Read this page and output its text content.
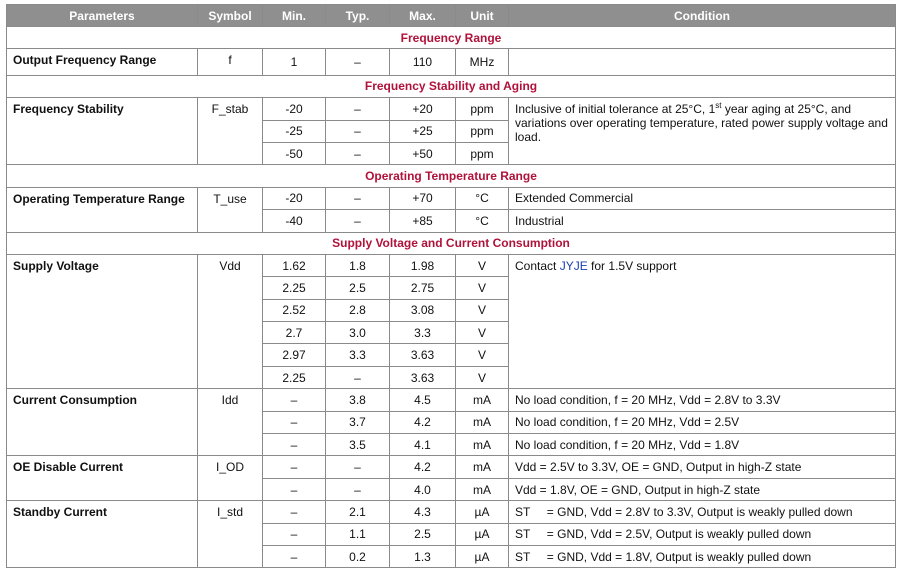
Parameters	Symbol	Min.	Typ.	Max.	Unit	Condition
Frequency Range						
Output Frequency Range	f	1	–	110	MHz	
Frequency Stability and Aging						
Frequency Stability	F_stab	-20	–	+20	ppm	Inclusive of initial tolerance at 25°C, 1st year aging at 25°C, and variations over operating temperature, rated power supply voltage and load.
		-25	–	+25	ppm	
		-50	–	+50	ppm	
Operating Temperature Range						
Operating Temperature Range	T_use	-20	–	+70	°C	Extended Commercial
		-40	–	+85	°C	Industrial
Supply Voltage and Current Consumption						
Supply Voltage	Vdd	1.62	1.8	1.98	V	Contact JYJE for 1.5V support
		2.25	2.5	2.75	V	
		2.52	2.8	3.08	V	
		2.7	3.0	3.3	V	
		2.97	3.3	3.63	V	
		2.25	–	3.63	V	
Current Consumption	Idd	–	3.8	4.5	mA	No load condition, f = 20 MHz, Vdd = 2.8V to 3.3V
		–	3.7	4.2	mA	No load condition, f = 20 MHz, Vdd = 2.5V
		–	3.5	4.1	mA	No load condition, f = 20 MHz, Vdd = 1.8V
OE Disable Current	I_OD	–	–	4.2	mA	Vdd = 2.5V to 3.3V, OE = GND, Output in high-Z state
		–	–	4.0	mA	Vdd = 1.8V, OE = GND, Output in high-Z state
Standby Current	I_std	–	2.1	4.3	µA	ST     = GND, Vdd = 2.8V to 3.3V, Output is weakly pulled down
		–	1.1	2.5	µA	ST     = GND, Vdd = 2.5V, Output is weakly pulled down
		–	0.2	1.3	µA	ST     = GND, Vdd = 1.8V, Output is weakly pulled down
